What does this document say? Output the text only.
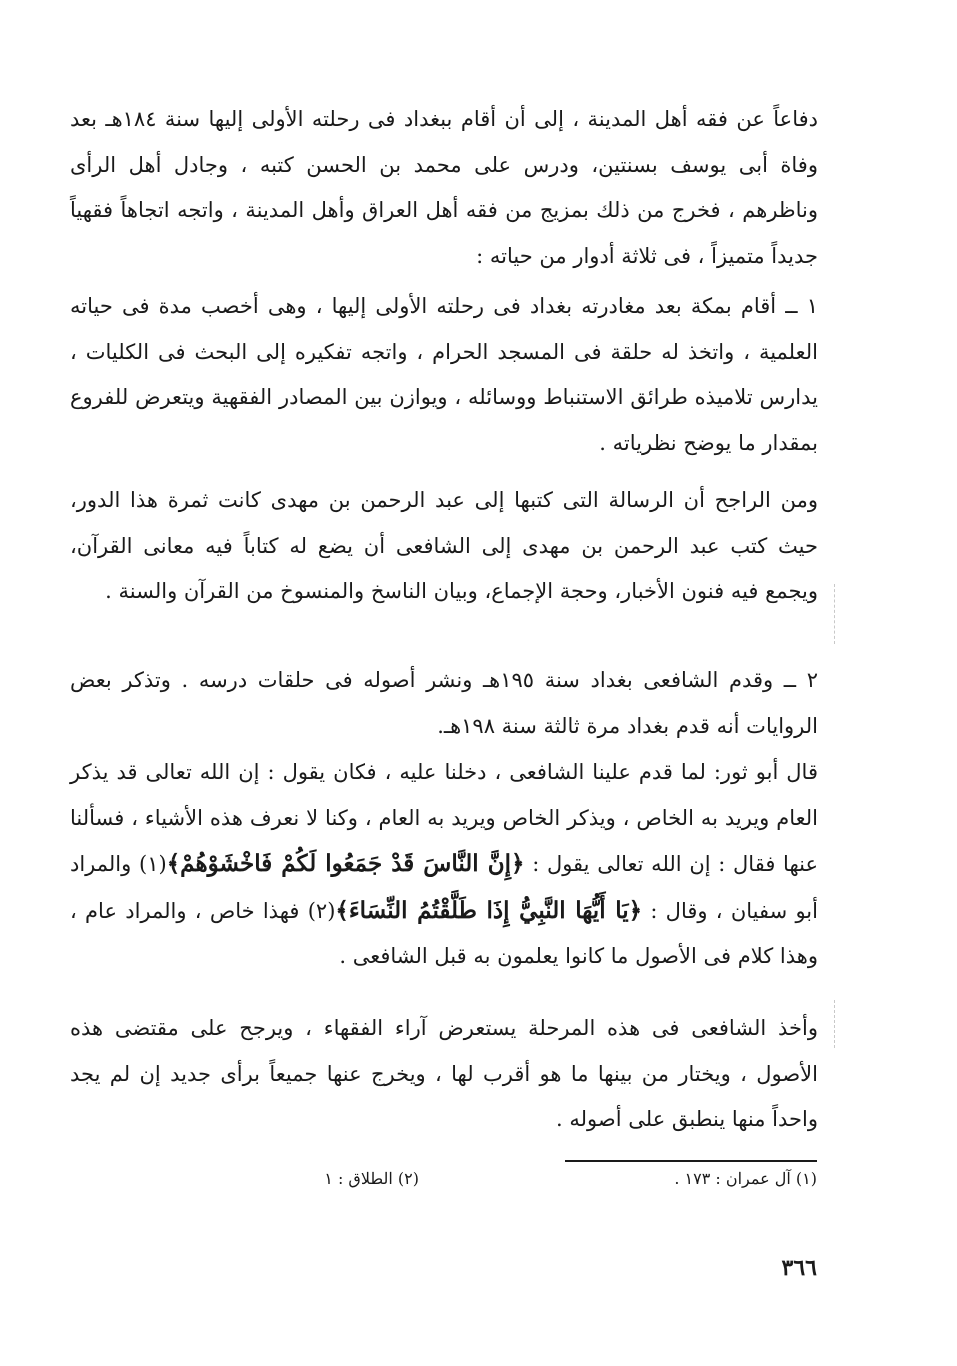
دفاعاً عن فقه أهل المدينة ، إلى أن أقام ببغداد فى رحلته الأولى إليها سنة ١٨٤هـ بعد وفاة أبى يوسف بسنتين، ودرس على محمد بن الحسن كتبه ، وجادل أهل الرأى وناظرهم ، فخرج من ذلك بمزيج من فقه أهل العراق وأهل المدينة ، واتجه اتجاهاً فقهياً جديداً متميزاً ، فى ثلاثة أدوار من حياته :

١ ــ أقام بمكة بعد مغادرته بغداد فى رحلته الأولى إليها ، وهى أخصب مدة فى حياته العلمية ، واتخذ له حلقة فى المسجد الحرام ، واتجه تفكيره إلى البحث فى الكليات ، يدارس تلاميذه طرائق الاستنباط ووسائله ، ويوازن بين المصادر الفقهية ويتعرض للفروع بمقدار ما يوضح نظرياته .

ومن الراجح أن الرسالة التى كتبها إلى عبد الرحمن بن مهدى كانت ثمرة هذا الدور، حيث كتب عبد الرحمن بن مهدى إلى الشافعى أن يضع له كتاباً فيه معانى القرآن، ويجمع فيه فنون الأخبار، وحجة الإجماع، وبيان الناسخ والمنسوخ من القرآن والسنة .

٢ ــ وقدم الشافعى بغداد سنة ١٩٥هـ ونشر أصوله فى حلقات درسه . وتذكر بعض الروايات أنه قدم بغداد مرة ثالثة سنة ١٩٨هـ.

قال أبو ثور: لما قدم علينا الشافعى ، دخلنا عليه ، فكان يقول : إن الله تعالى قد يذكر العام ويريد به الخاص ، ويذكر الخاص ويريد به العام ، وكنا لا نعرف هذه الأشياء ، فسألنا عنها فقال : إن الله تعالى يقول : ﴿إِنَّ النَّاسَ قَدْ جَمَعُوا لَكُمْ فَاخْشَوْهُمْ﴾(١) والمراد أبو سفيان ، وقال : ﴿يَا أَيُّهَا النَّبِيُّ إِذَا طَلَّقْتُمُ النِّسَاءَ﴾(٢) فهذا خاص ، والمراد عام ، وهذا كلام فى الأصول ما كانوا يعلمون به قبل الشافعى .

وأخذ الشافعى فى هذه المرحلة يستعرض آراء الفقهاء ، ويرجح على مقتضى هذه الأصول ، ويختار من بينها ما هو أقرب لها ، ويخرج عنها جميعاً برأى جديد إن لم يجد واحداً منها ينطبق على أصوله .

(١) آل عمران : ١٧٣ .
(٢) الطلاق : ١
٣٦٦
